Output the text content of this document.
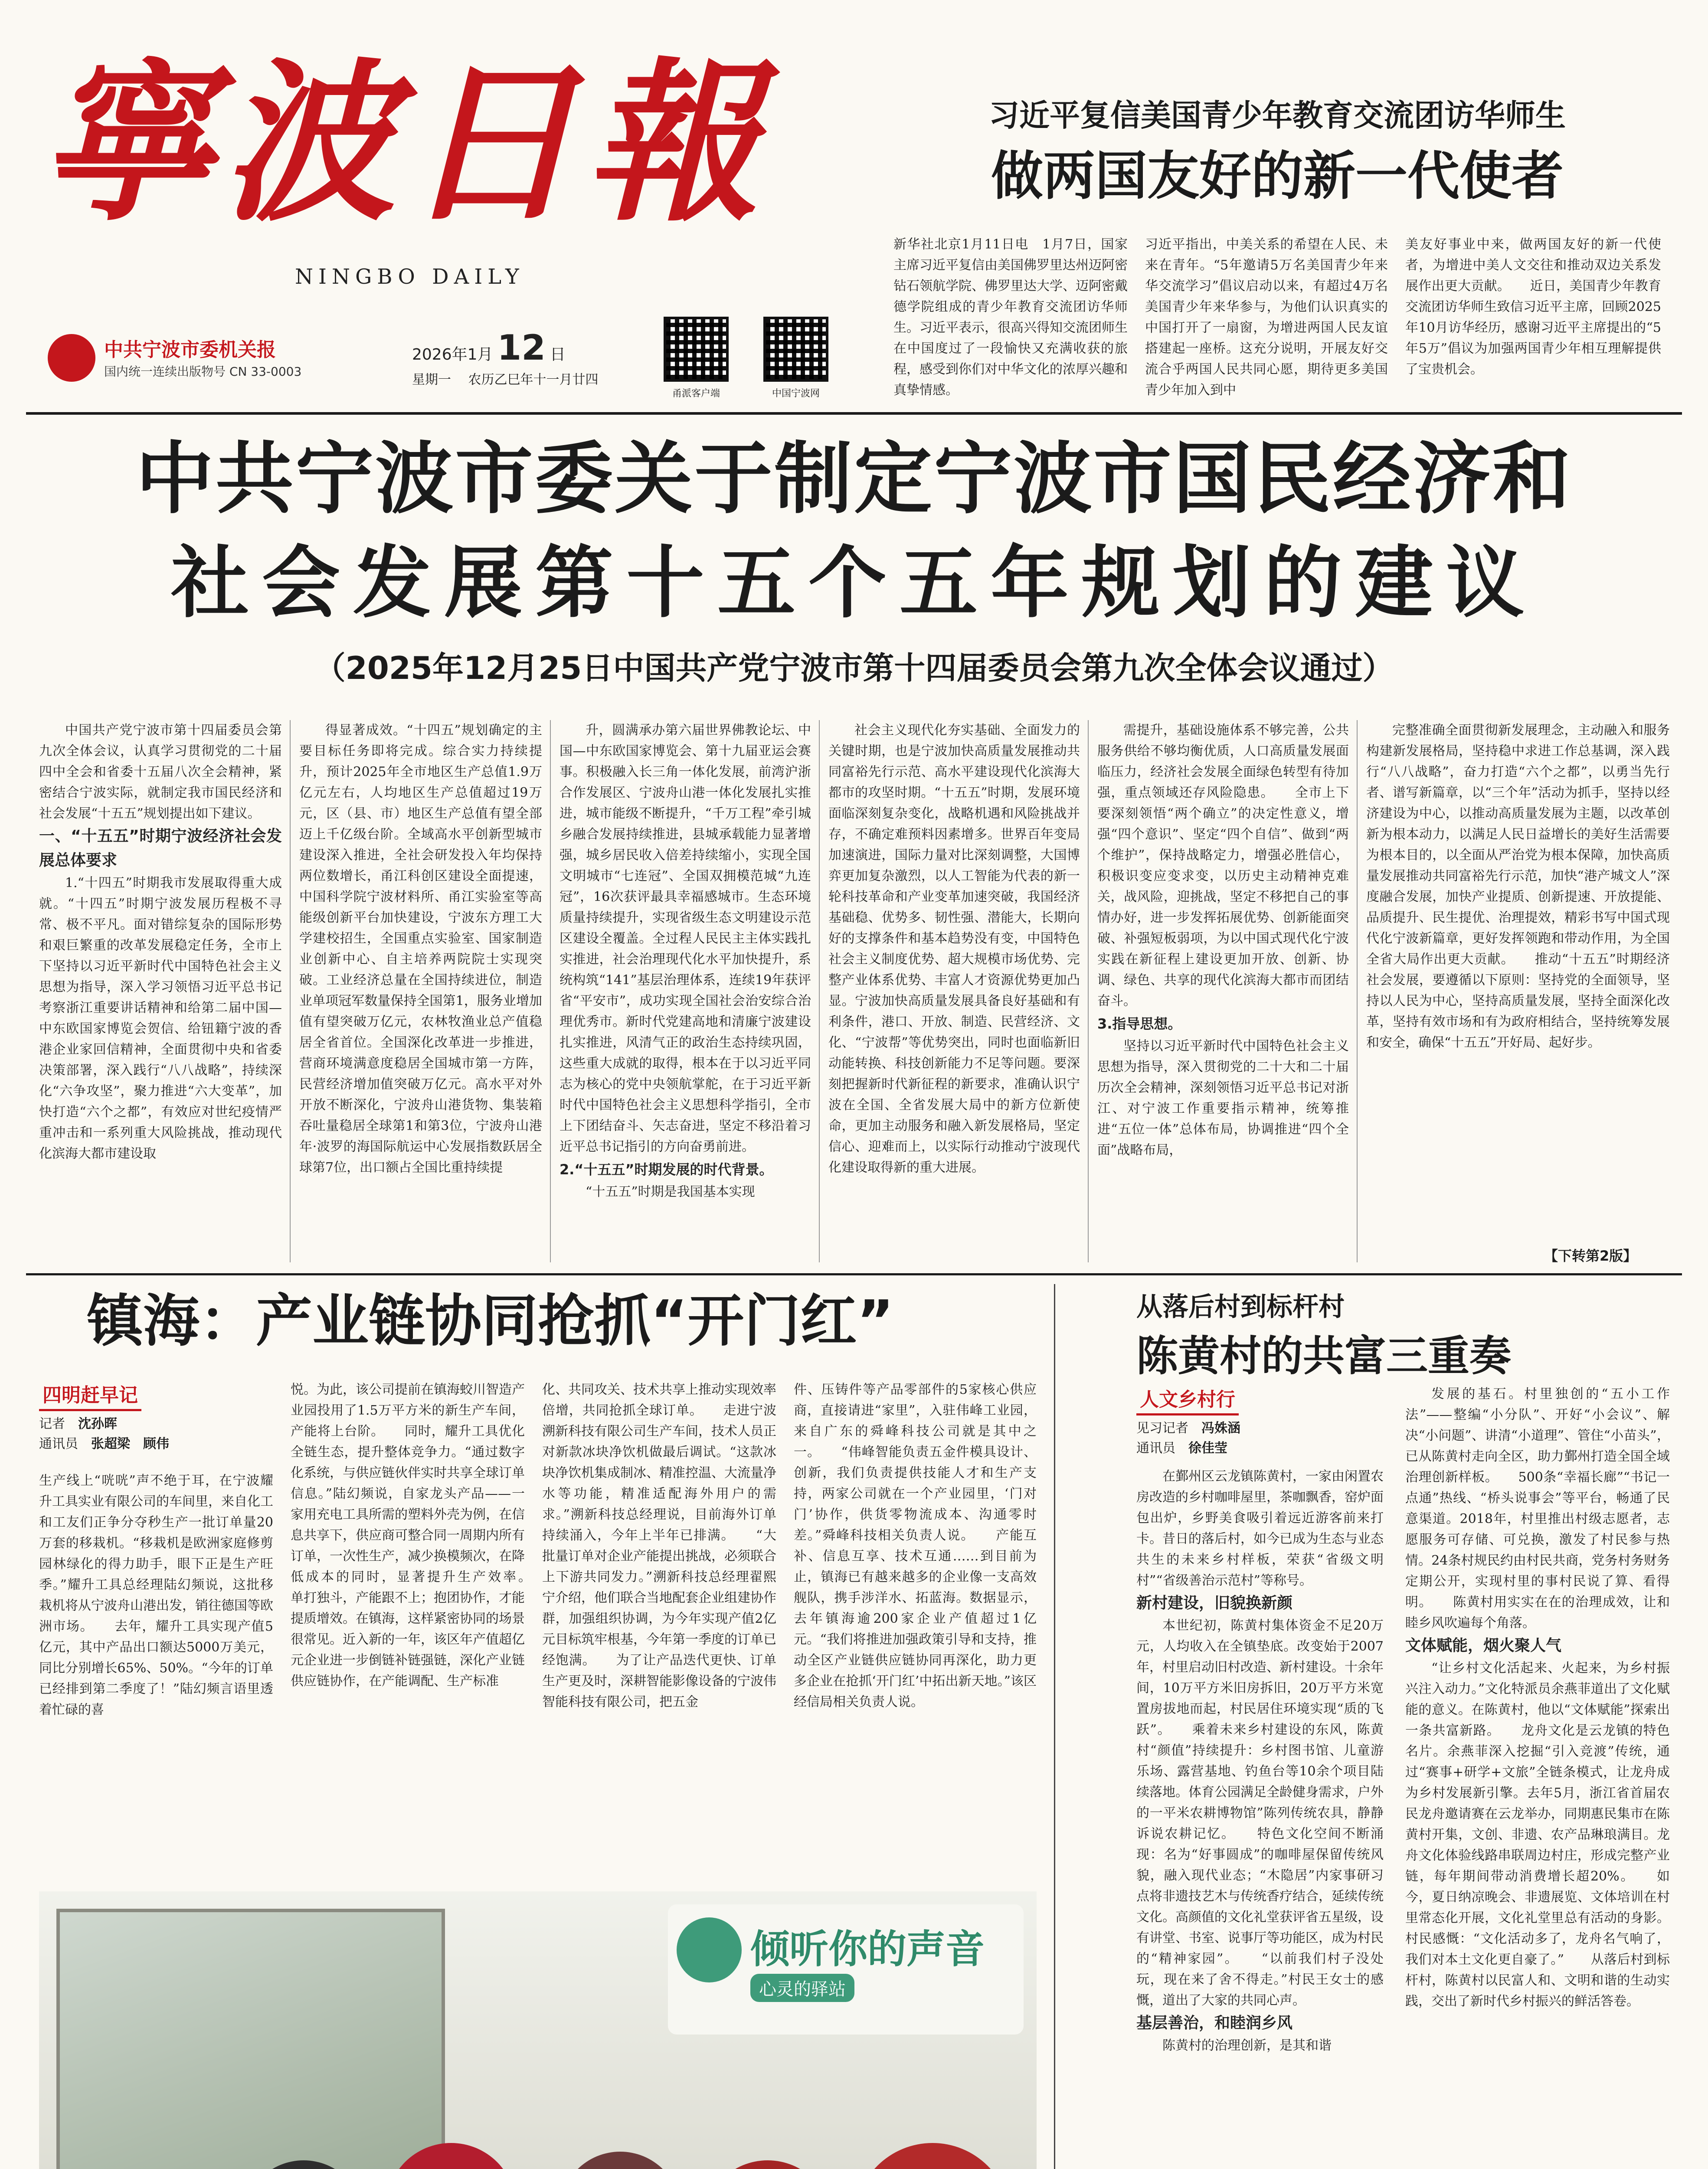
寧波日報
NINGBO DAILY
中共宁波市委机关报
国内统一连续出版物号 CN 33-0003
2026年1月 12 日
星期一 农历乙巳年十一月廿四
甬派客户端	中国宁波网
习近平复信美国青少年教育交流团访华师生
做两国友好的新一代使者
新华社北京1月11日电　1月7日，国家主席习近平复信由美国佛罗里达州迈阿密钻石领航学院、佛罗里达大学、迈阿密戴德学院组成的青少年教育交流团访华师生。习近平表示，很高兴得知交流团师生在中国度过了一段愉快又充满收获的旅程，感受到你们对中华文化的浓厚兴趣和真挚情感。
习近平指出，中美关系的希望在人民、未来在青年。“5年邀请5万名美国青少年来华交流学习”倡议启动以来，有超过4万名美国青少年来华参与，为他们认识真实的中国打开了一扇窗，为增进两国人民友谊搭建起一座桥。这充分说明，开展友好交流合乎两国人民共同心愿，期待更多美国青少年加入到中
美友好事业中来，做两国友好的新一代使者，为增进中美人文交往和推动双边关系发展作出更大贡献。　　近日，美国青少年教育交流团访华师生致信习近平主席，回顾2025年10月访华经历，感谢习近平主席提出的“5年5万”倡议为加强两国青少年相互理解提供了宝贵机会。
中共宁波市委关于制定宁波市国民经济和
社会发展第十五个五年规划的建议
（2025年12月25日中国共产党宁波市第十四届委员会第九次全体会议通过）

中国共产党宁波市第十四届委员会第九次全体会议，认真学习贯彻党的二十届四中全会和省委十五届八次全会精神，紧密结合宁波实际，就制定我市国民经济和社会发展“十五五”规划提出如下建议。

一、“十五五”时期宁波经济社会发展总体要求

1.“十四五”时期我市发展取得重大成就。“十四五”时期宁波发展历程极不寻常、极不平凡。面对错综复杂的国际形势和艰巨繁重的改革发展稳定任务，全市上下坚持以习近平新时代中国特色社会主义思想为指导，深入学习领悟习近平总书记考察浙江重要讲话精神和给第二届中国—中东欧国家博览会贺信、给钮籍宁波的香港企业家回信精神，全面贯彻中央和省委决策部署，深入践行“八八战略”，持续深化“六争攻坚”，聚力推进“六大变革”，加快打造“六个之都”，有效应对世纪疫情严重冲击和一系列重大风险挑战，推动现代化滨海大都市建设取

得显著成效。“十四五”规划确定的主要目标任务即将完成。综合实力持续提升，预计2025年全市地区生产总值1.9万亿元左右，人均地区生产总值超过19万元，区（县、市）地区生产总值有望全部迈上千亿级台阶。全域高水平创新型城市建设深入推进，全社会研发投入年均保持两位数增长，甬江科创区建设全面提速，中国科学院宁波材料所、甬江实验室等高能级创新平台加快建设，宁波东方理工大学建校招生，全国重点实验室、国家制造业创新中心、自主培养两院院士实现突破。工业经济总量在全国持续进位，制造业单项冠军数量保持全国第1，服务业增加值有望突破万亿元，农林牧渔业总产值稳居全省首位。全国深化改革进一步推进，营商环境满意度稳居全国城市第一方阵，民营经济增加值突破万亿元。高水平对外开放不断深化，宁波舟山港货物、集装箱吞吐量稳居全球第1和第3位，宁波舟山港年·波罗的海国际航运中心发展指数跃居全球第7位，出口额占全国比重持续提

升，圆满承办第六届世界佛教论坛、中国—中东欧国家博览会、第十九届亚运会赛事。积极融入长三角一体化发展，前湾沪浙合作发展区、宁波舟山港一体化发展扎实推进，城市能级不断提升，“千万工程”牵引城乡融合发展持续推进，县城承载能力显著增强，城乡居民收入倍差持续缩小，实现全国文明城市“七连冠”、全国双拥模范城“九连冠”，16次获评最具幸福感城市。生态环境质量持续提升，实现省级生态文明建设示范区建设全覆盖。全过程人民民主主体实践扎实推进，社会治理现代化水平加快提升，系统构筑“141”基层治理体系，连续19年获评省“平安市”，成功实现全国社会治安综合治理优秀市。新时代党建高地和清廉宁波建设扎实推进，风清气正的政治生态持续巩固，这些重大成就的取得，根本在于以习近平同志为核心的党中央领航掌舵，在于习近平新时代中国特色社会主义思想科学指引，全市上下团结奋斗、矢志奋进，坚定不移沿着习近平总书记指引的方向奋勇前进。

2.“十五五”时期发展的时代背景。

“十五五”时期是我国基本实现

社会主义现代化夯实基础、全面发力的关键时期，也是宁波加快高质量发展推动共同富裕先行示范、高水平建设现代化滨海大都市的攻坚时期。“十五五”时期，发展环境面临深刻复杂变化，战略机遇和风险挑战并存，不确定难预料因素增多。世界百年变局加速演进，国际力量对比深刻调整，大国博弈更加复杂激烈，以人工智能为代表的新一轮科技革命和产业变革加速突破，我国经济基础稳、优势多、韧性强、潜能大，长期向好的支撑条件和基本趋势没有变，中国特色社会主义制度优势、超大规模市场优势、完整产业体系优势、丰富人才资源优势更加凸显。宁波加快高质量发展具备良好基础和有利条件，港口、开放、制造、民营经济、文化、“宁波帮”等优势突出，同时也面临新旧动能转换、科技创新能力不足等问题。要深刻把握新时代新征程的新要求，准确认识宁波在全国、全省发展大局中的新方位新使命，更加主动服务和融入新发展格局，坚定信心、迎难而上，以实际行动推动宁波现代化建设取得新的重大进展。

需提升，基础设施体系不够完善，公共服务供给不够均衡优质，人口高质量发展面临压力，经济社会发展全面绿色转型有待加强，重点领域还存风险隐患。　　全市上下要深刻领悟“两个确立”的决定性意义，增强“四个意识”、坚定“四个自信”、做到“两个维护”，保持战略定力，增强必胜信心，积极识变应变求变，以历史主动精神克难关，战风险，迎挑战，坚定不移把自己的事情办好，进一步发挥拓展优势、创新能面突破、补强短板弱项，为以中国式现代化宁波实践在新征程上建设更加开放、创新、协调、绿色、共享的现代化滨海大都市而团结奋斗。

3.指导思想。

坚持以习近平新时代中国特色社会主义思想为指导，深入贯彻党的二十大和二十届历次全会精神，深刻领悟习近平总书记对浙江、对宁波工作重要指示精神，统筹推进“五位一体”总体布局，协调推进“四个全面”战略布局，

完整准确全面贯彻新发展理念，主动融入和服务构建新发展格局，坚持稳中求进工作总基调，深入践行“八八战略”，奋力打造“六个之都”，以勇当先行者、谱写新篇章，以“三个年”活动为抓手，坚持以经济建设为中心，以推动高质量发展为主题，以改革创新为根本动力，以满足人民日益增长的美好生活需要为根本目的，以全面从严治党为根本保障，加快高质量发展推动共同富裕先行示范，加快“港产城文人”深度融合发展，加快产业提质、创新提速、开放提能、品质提升、民生提优、治理提效，精彩书写中国式现代化宁波新篇章，更好发挥领跑和带动作用，为全国全省大局作出更大贡献。　　推动“十五五”时期经济社会发展，要遵循以下原则：坚持党的全面领导，坚持以人民为中心，坚持高质量发展，坚持全面深化改革，坚持有效市场和有为政府相结合，坚持统筹发展和安全，确保“十五五”开好局、起好步。

【下转第2版】
镇海：产业链协同抢抓“开门红”
四明赶早记
记者　 沈孙晖
通讯员　 张超梁　顾伟
生产线上“咣咣”声不绝于耳，在宁波耀升工具实业有限公司的车间里，来自化工和工友们正争分夺秒生产一批订单量20万套的移栽机。“移栽机是欧洲家庭修剪园林绿化的得力助手，眼下正是生产旺季。”耀升工具总经理陆幻频说，这批移栽机将从宁波舟山港出发，销往德国等欧洲市场。　　去年，耀升工具实现产值5亿元，其中产品出口额达5000万美元，同比分别增长65%、50%。“今年的订单已经排到第二季度了！”陆幻频言语里透着忙碌的喜
悦。为此，该公司提前在镇海蛟川智造产业园投用了1.5万平方米的新生产车间，产能将上台阶。　　同时，耀升工具优化全链生态，提升整体竞争力。“通过数字化系统，与供应链伙伴实时共享全球订单信息。”陆幻频说，自家龙头产品——一家用充电工具所需的塑料外壳为例，在信息共享下，供应商可整合同一周期内所有订单，一次性生产，减少换模频次，在降低成本的同时，显著提升生产效率。　　单打独斗，产能跟不上；抱团协作，才能提质增效。在镇海，这样紧密协同的场景很常见。近入新的一年，该区年产值超亿元企业进一步倒链补链强链，深化产业链供应链协作，在产能调配、生产标准
化、共同攻关、技术共享上推动实现效率倍增，共同抢抓全球订单。　　走进宁波溯新科技有限公司生产车间，技术人员正对新款冰块净饮机做最后调试。“这款冰块净饮机集成制冰、精准控温、大流量净水等功能，精准适配海外用户的需求。”溯新科技总经理说，目前海外订单持续涌入，今年上半年已排满。　　“大批量订单对企业产能提出挑战，必须联合上下游共同发力。”溯新科技总经理翟熙宁介绍，他们联合当地配套企业组建协作群，加强组织协调，为今年实现产值2亿元目标筑牢根基，今年第一季度的订单已经饱满。　　为了让产品迭代更快、订单生产更及时，深耕智能影像设备的宁波伟智能科技有限公司，把五金
件、压铸件等产品零部件的5家核心供应商，直接请进“家里”，入驻伟峰工业园，来自广东的舜峰科技公司就是其中之一。　　“伟峰智能负责五金件模具设计、创新，我们负责提供技能人才和生产支持，两家公司就在一个产业园里，‘门对门’协作，供货零物流成本、沟通零时差。”舜峰科技相关负责人说。　　产能互补、信息互享、技术互通……到目前为止，镇海已有越来越多的企业像一支高效舰队，携手涉洋水、拓蓝海。数据显示，去年镇海逾200家企业产值超过1亿元。“我们将推进加强政策引导和支持，推动全区产业链供应链协同再深化，助力更多企业在抢抓‘开门红’中拓出新天地。”该区经信局相关负责人说。
倾听你的声音
心灵的驿站
从落后村到标杆村
陈黄村的共富三重奏
人文乡村行
见习记者　 冯姝涵
通讯员　 徐佳莹

在鄞州区云龙镇陈黄村，一家由闲置农房改造的乡村咖啡屋里，茶咖飘香，窑炉面包出炉，乡野美食吸引着远近游客前来打卡。昔日的落后村，如今已成为生态与业态共生的未来乡村样板，荣获“省级文明村”“省级善治示范村”等称号。

新村建设，旧貌换新颜

本世纪初，陈黄村集体资金不足20万元，人均收入在全镇垫底。改变始于2007年，村里启动旧村改造、新村建设。十余年间，10万平方米旧房拆旧，20万平方米宽置房拔地而起，村民居住环境实现“质的飞跃”。　　乘着未来乡村建设的东风，陈黄村“颜值”持续提升：乡村图书馆、儿童游乐场、露营基地、钓鱼台等10余个项目陆续落地。体育公园满足全龄健身需求，户外的一平米农耕博物馆”陈列传统农具，静静诉说农耕记忆。　　特色文化空间不断涌现：名为“好事圆成”的咖啡屋保留传统风貌，融入现代业态；“木隐居”内家事研习点将非遗技艺木与传统香疗结合，延续传统文化。高颜值的文化礼堂获评省五星级，设有讲堂、书室、说事厅等功能区，成为村民的“精神家园”。　　“以前我们村子没处玩，现在来了舍不得走。”村民王女士的感慨，道出了大家的共同心声。

基层善治，和睦润乡风

陈黄村的治理创新，是其和谐

发展的基石。村里独创的“五小工作法”——整编“小分队”、开好“小会议”、解决“小问题”、讲清“小道理”、管住“小苗头”，已从陈黄村走向全区，助力鄞州打造全国全域治理创新样板。　　500条“幸福长廊”“书记一点通”热线、“桥头说事会”等平台，畅通了民意渠道。2018年，村里推出村级志愿者，志愿服务可存储、可兑换，激发了村民参与热情。24条村规民约由村民共商，党务村务财务定期公开，实现村里的事村民说了算、看得明。　　陈黄村用实实在在的治理成效，让和睦乡风吹遍每个角落。

文体赋能，烟火聚人气

“让乡村文化活起来、火起来，为乡村振兴注入动力。”文化特派员余燕菲道出了文化赋能的意义。在陈黄村，他以“文体赋能”探索出一条共富新路。　　龙舟文化是云龙镇的特色名片。余燕菲深入挖掘“引入竞渡”传统，通过“赛事+研学+文旅”全链条模式，让龙舟成为乡村发展新引擎。去年5月，浙江省首届农民龙舟邀请赛在云龙举办，同期惠民集市在陈黄村开集，文创、非遗、农产品琳琅满目。龙舟文化体验线路串联周边村庄，形成完整产业链，每年期间带动消费增长超20%。　　如今，夏日纳凉晚会、非遗展览、文体培训在村里常态化开展，文化礼堂里总有活动的身影。村民感慨：“文化活动多了，龙舟名气响了，我们对本土文化更自豪了。”　　从落后村到标杆村，陈黄村以民富人和、文明和谐的生动实践，交出了新时代乡村振兴的鲜活答卷。
